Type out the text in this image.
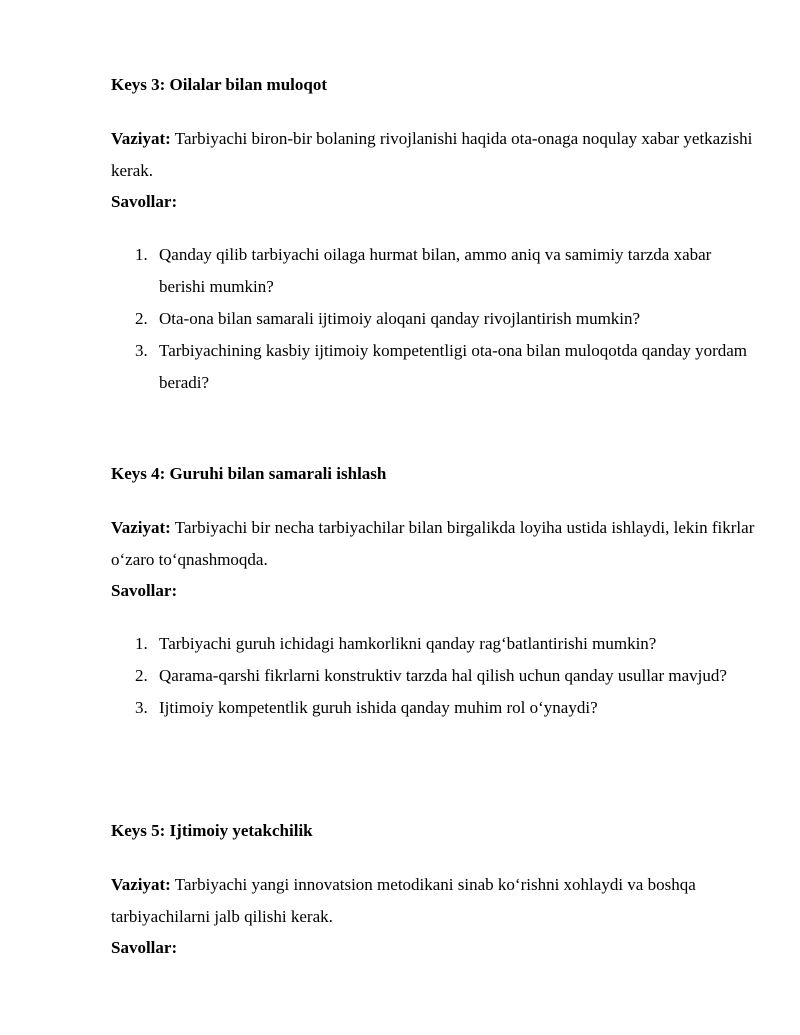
Keys 3: Oilalar bilan muloqot

Vaziyat: Tarbiyachi biron-bir bolaning rivojlanishi haqida ota-onaga noqulay xabar yetkazishi kerak.

Savollar:

1. Qanday qilib tarbiyachi oilaga hurmat bilan, ammo aniq va samimiy tarzda xabar berishi mumkin?
2. Ota-ona bilan samarali ijtimoiy aloqani qanday rivojlantirish mumkin?
3. Tarbiyachining kasbiy ijtimoiy kompetentligi ota-ona bilan muloqotda qanday yordam beradi?
Keys 4: Guruhi bilan samarali ishlash

Vaziyat: Tarbiyachi bir necha tarbiyachilar bilan birgalikda loyiha ustida ishlaydi, lekin fikrlar o‘zaro to‘qnashmoqda.

Savollar:

1. Tarbiyachi guruh ichidagi hamkorlikni qanday rag‘batlantirishi mumkin?
2. Qarama-qarshi fikrlarni konstruktiv tarzda hal qilish uchun qanday usullar mavjud?
3. Ijtimoiy kompetentlik guruh ishida qanday muhim rol o‘ynaydi?
Keys 5: Ijtimoiy yetakchilik

Vaziyat: Tarbiyachi yangi innovatsion metodikani sinab ko‘rishni xohlaydi va boshqa tarbiyachilarni jalb qilishi kerak.

Savollar:
